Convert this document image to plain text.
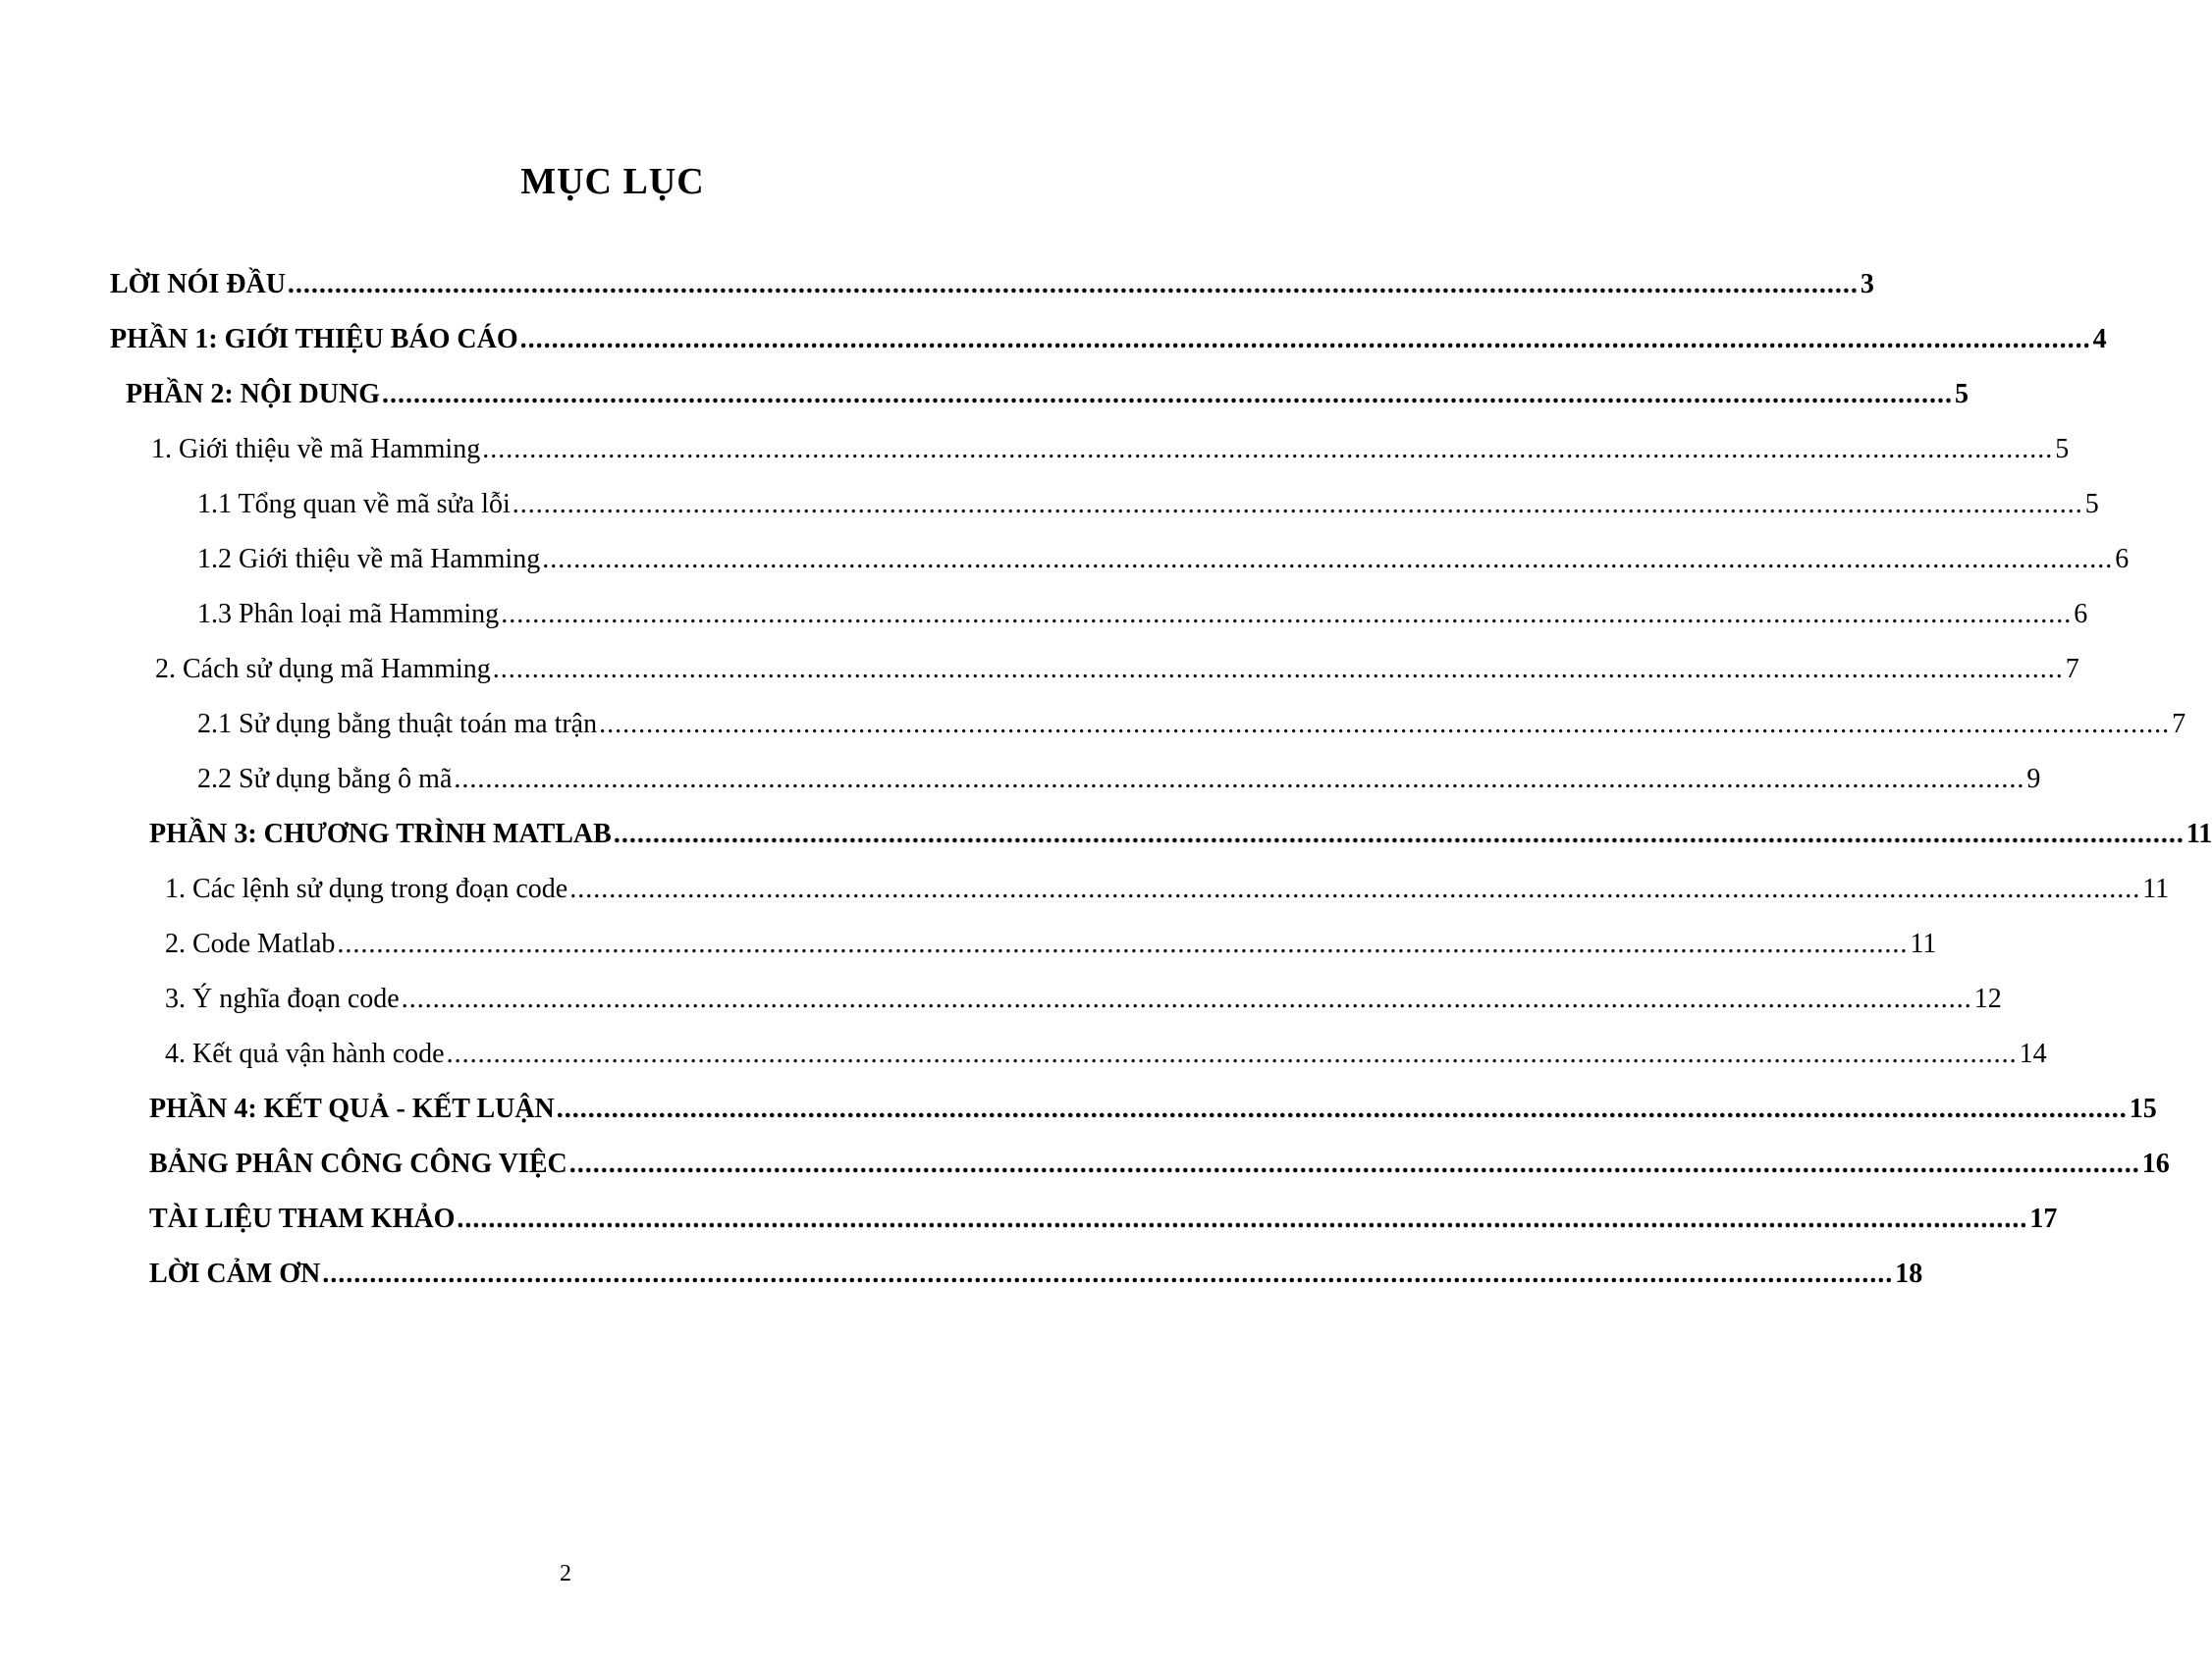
MỤC LỤC
LỜI NÓI ĐẦU ........................................................................................................................................................................................................ 3
PHẦN 1: GIỚI THIỆU BÁO CÁO ........................................................................................................................................................................................................ 4
PHẦN 2: NỘI DUNG ........................................................................................................................................................................................................ 5
1. Giới thiệu về mã Hamming ........................................................................................................................................................................................................ 5
1.1 Tổng quan về mã sửa lỗi ........................................................................................................................................................................................................ 5
1.2 Giới thiệu về mã Hamming ........................................................................................................................................................................................................ 6
1.3 Phân loại mã Hamming ........................................................................................................................................................................................................ 6
2. Cách sử dụng mã Hamming ........................................................................................................................................................................................................ 7
2.1 Sử dụng bằng thuật toán ma trận ........................................................................................................................................................................................................ 7
2.2 Sử dụng bằng ô mã ........................................................................................................................................................................................................ 9
PHẦN 3: CHƯƠNG TRÌNH MATLAB ........................................................................................................................................................................................................ 11
1. Các lệnh sử dụng trong đoạn code ........................................................................................................................................................................................................ 11
2. Code Matlab ........................................................................................................................................................................................................ 11
3. Ý nghĩa đoạn code ........................................................................................................................................................................................................ 12
4. Kết quả vận hành code ........................................................................................................................................................................................................ 14
PHẦN 4: KẾT QUẢ - KẾT LUẬN ........................................................................................................................................................................................................ 15
BẢNG PHÂN CÔNG CÔNG VIỆC ........................................................................................................................................................................................................ 16
TÀI LIỆU THAM KHẢO ........................................................................................................................................................................................................ 17
LỜI CẢM ƠN ........................................................................................................................................................................................................ 18
2
